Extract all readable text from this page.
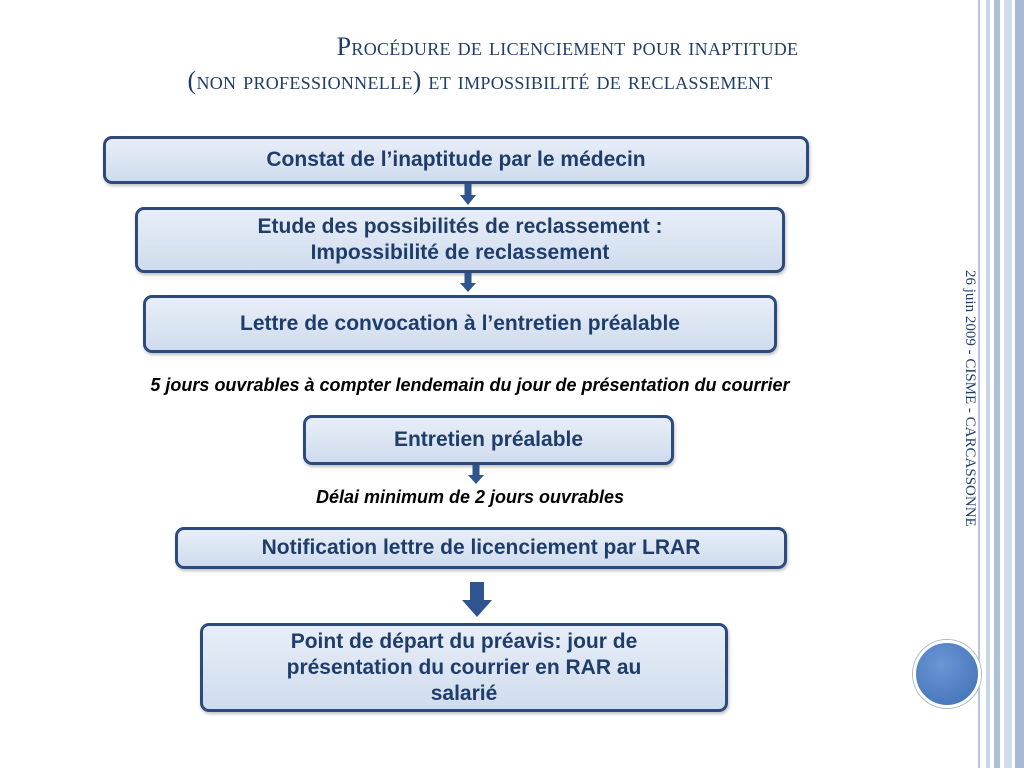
Procédure de licenciement pour inaptitude
(non professionnelle) et impossibilité de reclassement
Constat de l’inaptitude par le médecin
Etude des possibilités de reclassement :
Impossibilité de reclassement
Lettre de convocation à l’entretien préalable
5 jours ouvrables à compter lendemain du jour de présentation du courrier
Entretien préalable
Délai minimum de 2 jours ouvrables
Notification lettre de licenciement par LRAR
Point de départ du préavis: jour de
présentation du courrier en RAR au
salarié
26 juin 2009 - CISME - CARCASSONNE
